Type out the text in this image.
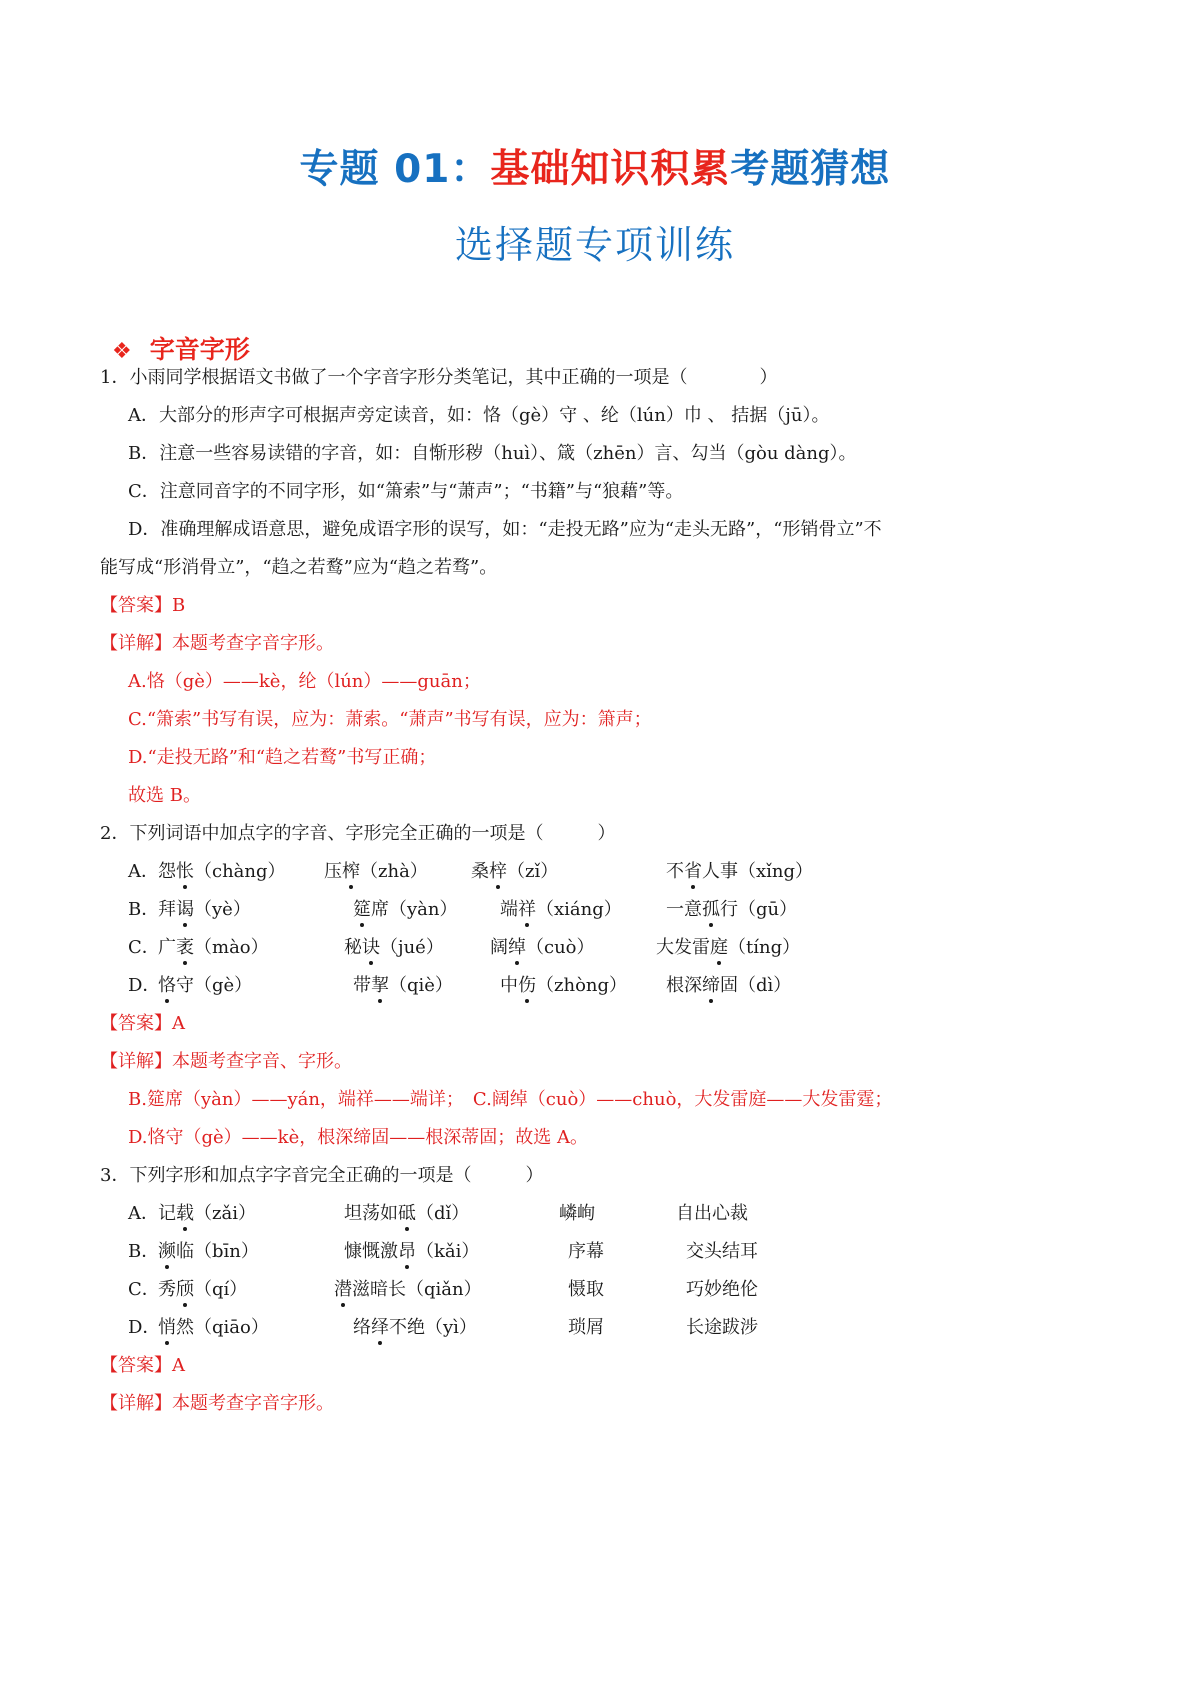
专题 01：基础知识积累考题猜想
选择题专项训练
❖ 字音字形
1．小雨同学根据语文书做了一个字音字形分类笔记，其中正确的一项是（　　　　）
A．大部分的形声字可根据声旁定读音，如：恪（gè）守 、纶（lún）巾 、 拮据（jū）。
B．注意一些容易读错的字音，如：自惭形秽（huì）、箴（zhēn）言、勾当（gòu dàng）。
C．注意同音字的不同字形，如“箫索”与“萧声”；“书籍”与“狼藉”等。
D．准确理解成语意思，避免成语字形的误写，如：“走投无路”应为“走头无路”，“形销骨立”不
能写成“形消骨立”，“趋之若鹜”应为“趋之若骛”。
【答案】B
【详解】本题考查字音字形。
A.恪（gè）——kè，纶（lún）——guān；
C.“箫索”书写有误，应为：萧索。“萧声”书写有误，应为：箫声；
D.“走投无路”和“趋之若鹜”书写正确；
故选 B。
2．下列词语中加点字的字音、字形完全正确的一项是（　　　）
A． 怨怅（chàng） 压榨（zhà） 桑梓（zǐ）	不省人事（xǐng）
B．
拜谒（yè）	筵席（yàn） 端祥（xiáng） 一意孤行（gū）
C．
广袤（mào）	秘诀（jué）	阔绰（cuò）	大发雷庭（tíng）
D．
恪守（gè）	带挈（qiè）	中伤（zhòng） 根深缔固（dì）
【答案】A
【详解】本题考查字音、字形。
B.筵席（yàn）——yán，端祥——端详；　C.阔绰（cuò）——chuò，大发雷庭——大发雷霆；
D.恪守（gè）——kè，根深缔固——根深蒂固；故选 A。
3．下列字形和加点字字音完全正确的一项是（　　　）
A． 记载（zǎi）	坦荡如砥（dǐ）	嶙峋	自出心裁
B．
濒临（bīn）	慷慨激昂（kǎi）	序幕	交头结耳
C．
秀颀（qí）	潜滋暗长（qiǎn）	慑取	巧妙绝伦
D．
悄然（qiāo）	络绎不绝（yì）	琐屑	长途跋涉
【答案】A
【详解】本题考查字音字形。
